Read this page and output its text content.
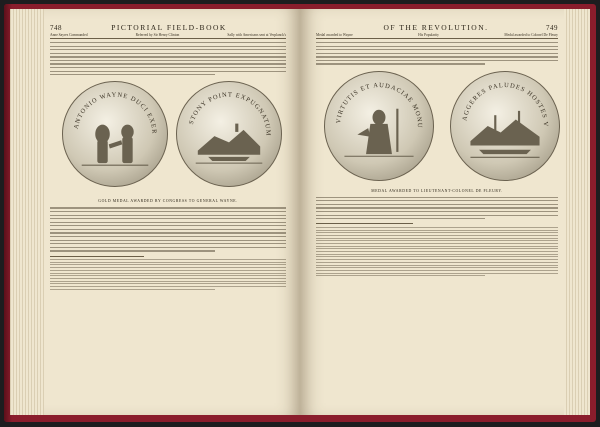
748	PICTORIAL FIELD-BOOK
Anne Sayres Commanded	Referred by Sir Henry Clinton	Sally with Americans sent at Verplanck's
ANTONIO WAYNE DUCI EXER
STONY POINT EXPUGNATUM
GOLD MEDAL AWARDED BY CONGRESS TO GENERAL WAYNE.
OF THE REVOLUTION.	749
Medal awarded to Wayne	His Popularity	Medal awarded to Colonel De Fleury
VIRTUTIS ET AUDACIAE MONU
AGGERES PALUDES HOSTES V
MEDAL AWARDED TO LIEUTENANT-COLONEL DE FLEURY.
